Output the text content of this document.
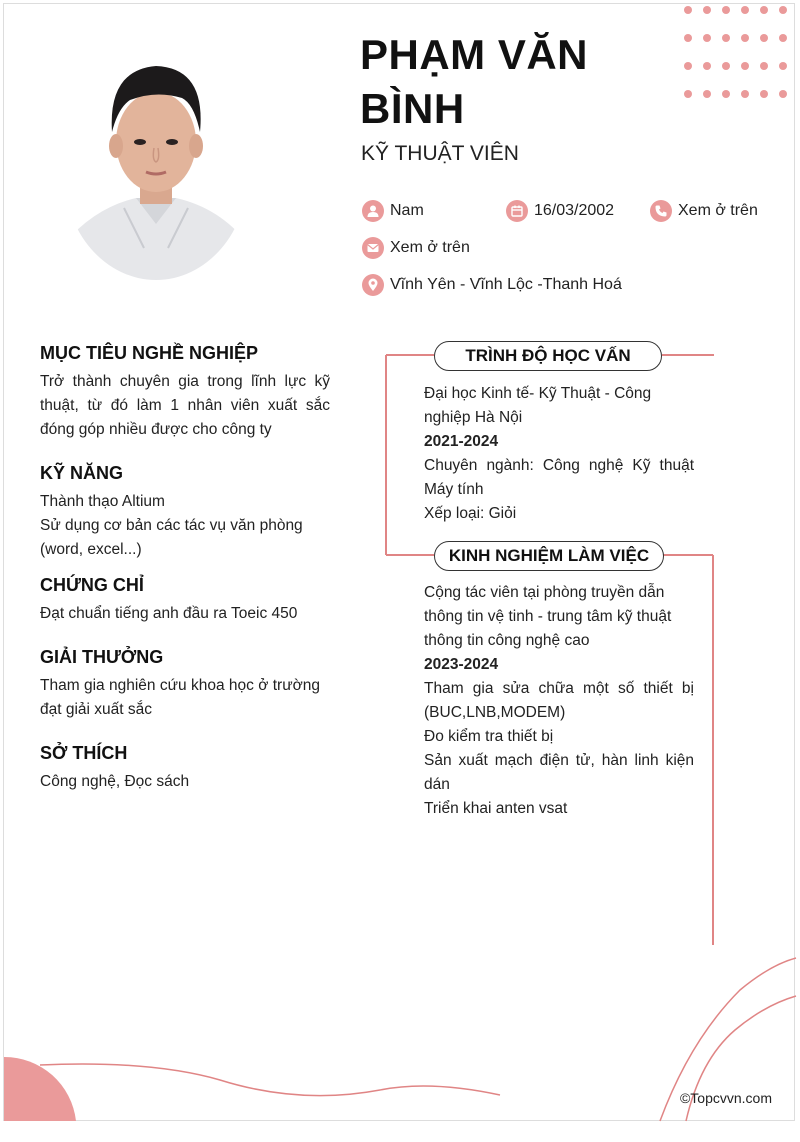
PHẠM VĂN BÌNH
KỸ THUẬT VIÊN
Nam	16/03/2002	Xem ở trên
Xem ở trên
Vĩnh Yên - Vĩnh Lộc -Thanh Hoá
MỤC TIÊU NGHỀ NGHIỆP
Trở thành chuyên gia trong lĩnh lực kỹ thuật, từ đó làm 1 nhân viên xuất sắc đóng góp nhiều được cho công ty
KỸ NĂNG
Thành thạo Altium
Sử dụng cơ bản các tác vụ văn phòng (word, excel...)
CHỨNG CHỈ
Đạt chuẩn tiếng anh đầu ra Toeic 450
GIẢI THƯỞNG
Tham gia nghiên cứu khoa học ở trường đạt giải xuất sắc
SỞ THÍCH
Công nghệ, Đọc sách
TRÌNH ĐỘ HỌC VẤN
Đại học Kinh tế- Kỹ Thuật - Công nghiệp Hà Nội
2021-2024
Chuyên ngành: Công nghệ Kỹ thuật Máy tính
Xếp loại: Giỏi
KINH NGHIỆM LÀM VIỆC
Cộng tác viên tại phòng truyền dẫn thông tin vệ tinh - trung tâm kỹ thuật thông tin công nghệ cao
2023-2024
Tham gia sửa chữa một số thiết bị (BUC,LNB,MODEM)
Đo kiểm tra thiết bị
Sản xuất mạch điện tử, hàn linh kiện dán
Triển khai anten vsat
©Topcvvn.com
